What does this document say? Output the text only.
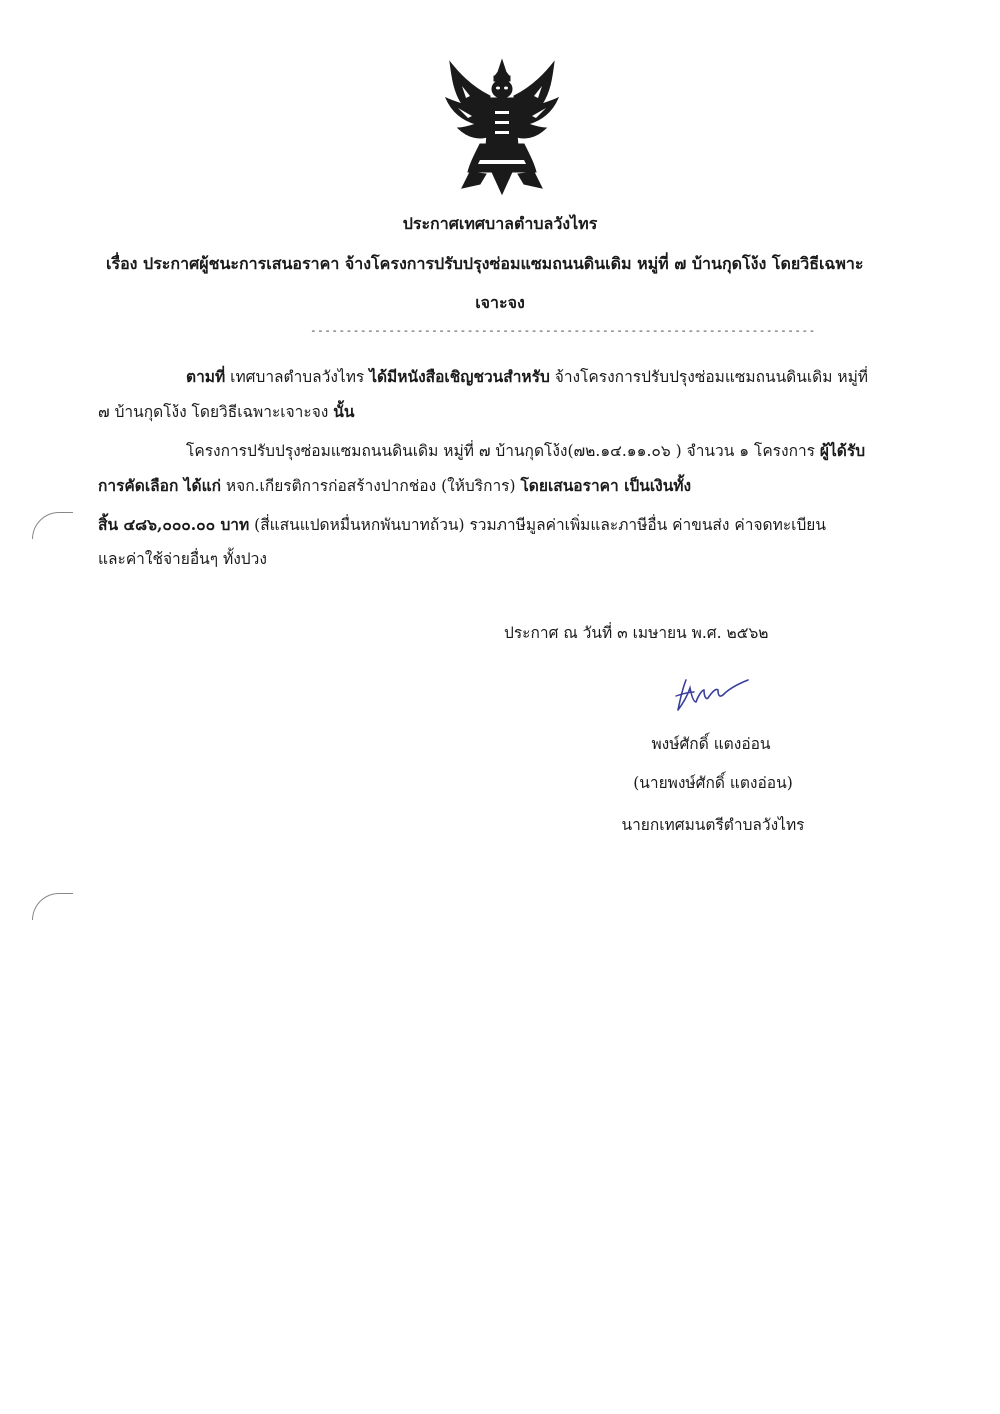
ประกาศเทศบาลตำบลวังไทร
เรื่อง ประกาศผู้ชนะการเสนอราคา จ้างโครงการปรับปรุงซ่อมแซมถนนดินเดิม หมู่ที่ ๗ บ้านกุดโง้ง โดยวิธีเฉพาะ
เจาะจง
-----------------------------------------------------------------------
ตามที่ เทศบาลตำบลวังไทร ได้มีหนังสือเชิญชวนสำหรับ จ้างโครงการปรับปรุงซ่อมแซมถนนดินเดิม หมู่ที่
๗ บ้านกุดโง้ง โดยวิธีเฉพาะเจาะจง นั้น
โครงการปรับปรุงซ่อมแซมถนนดินเดิม หมู่ที่ ๗ บ้านกุดโง้ง(๗๒.๑๔.๑๑.๐๖ ) จำนวน ๑ โครงการ ผู้ได้รับ
การคัดเลือก ได้แก่ หจก.เกียรติการก่อสร้างปากช่อง (ให้บริการ) โดยเสนอราคา เป็นเงินทั้ง
สิ้น ๔๘๖,๐๐๐.๐๐ บาท (สี่แสนแปดหมื่นหกพันบาทถ้วน) รวมภาษีมูลค่าเพิ่มและภาษีอื่น ค่าขนส่ง ค่าจดทะเบียน
และค่าใช้จ่ายอื่นๆ ทั้งปวง
ประกาศ ณ วันที่ ๓ เมษายน พ.ศ. ๒๕๖๒
พงษ์ศักดิ์ แตงอ่อน
(นายพงษ์ศักดิ์ แตงอ่อน)
นายกเทศมนตรีตำบลวังไทร
